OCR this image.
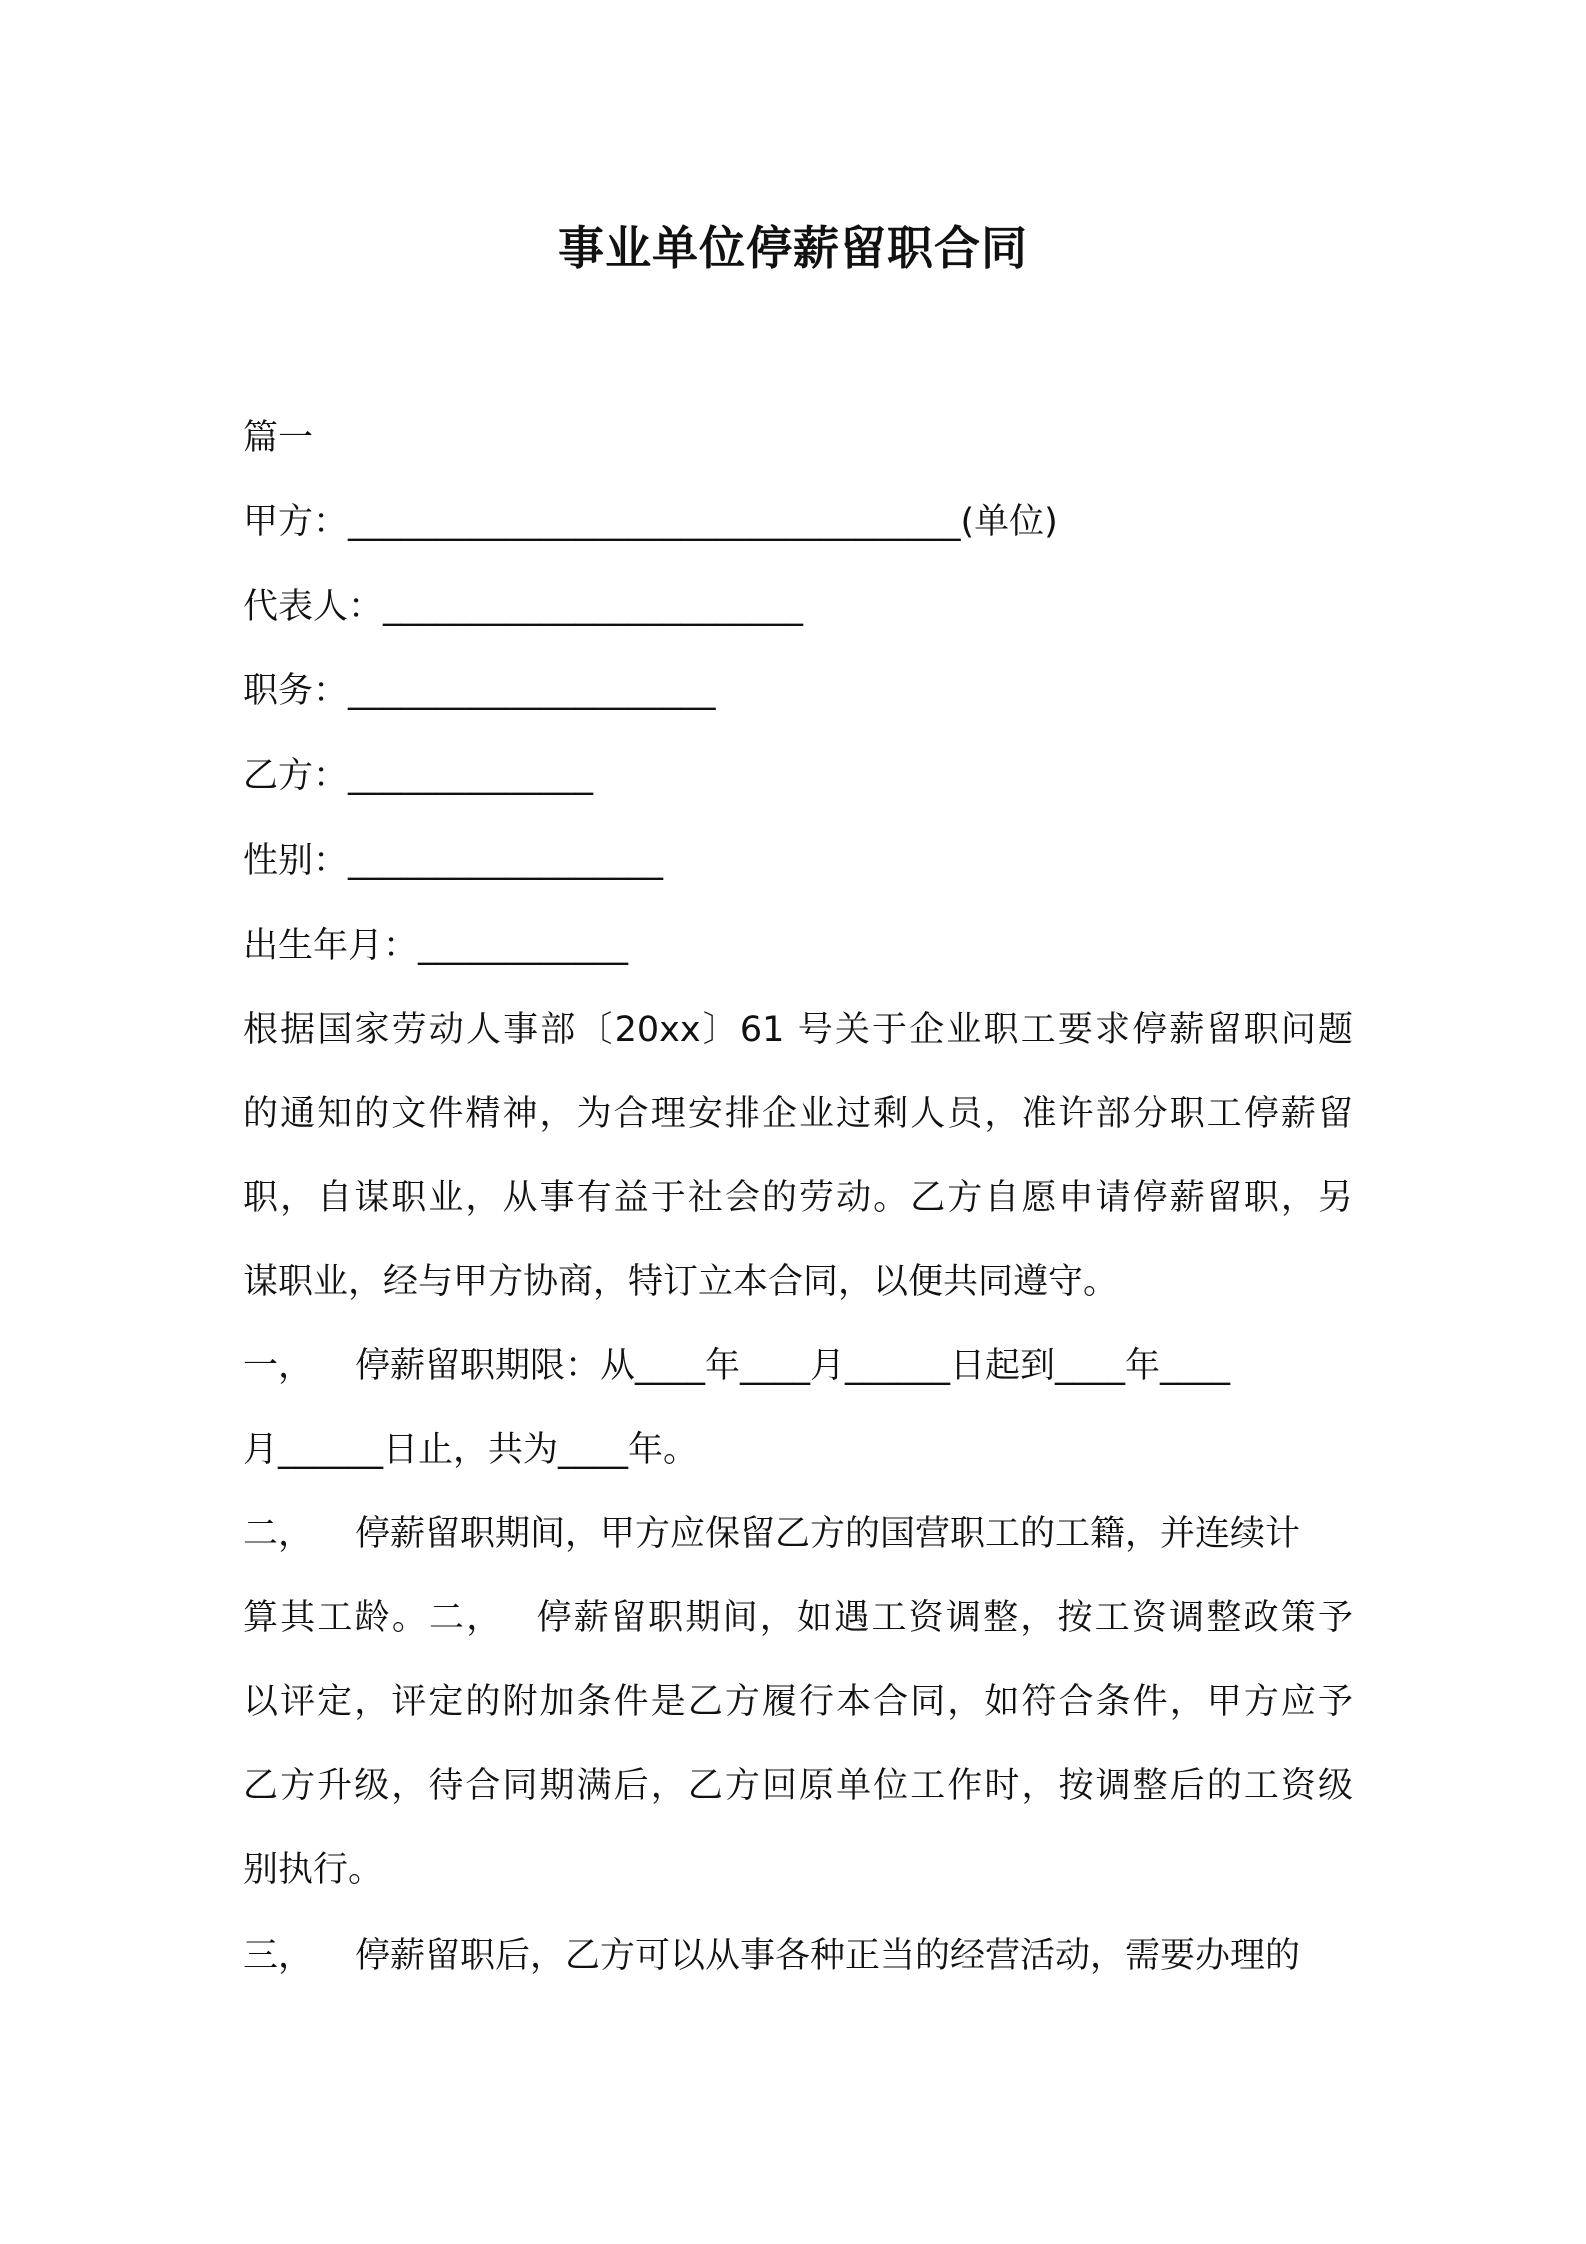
事业单位停薪留职合同
篇一
甲方：___________________________________(单位)
代表人：________________________
职务：_____________________
乙方：______________
性别：__________________
出生年月：____________
根据国家劳动人事部〔20xx〕61 号关于企业职工要求停薪留职问题
的通知的文件精神，为合理安排企业过剩人员，准许部分职工停薪留
职，自谋职业，从事有益于社会的劳动。乙方自愿申请停薪留职，另
谋职业，经与甲方协商，特订立本合同，以便共同遵守。
一， 停薪留职期限：从____年____月______日起到____年____
月______日止，共为____年。
二， 停薪留职期间，甲方应保留乙方的国营职工的工籍，并连续计
算其工龄。二，　 停薪留职期间，如遇工资调整，按工资调整政策予
以评定，评定的附加条件是乙方履行本合同，如符合条件，甲方应予
乙方升级，待合同期满后，乙方回原单位工作时，按调整后的工资级
别执行。
三， 停薪留职后，乙方可以从事各种正当的经营活动，需要办理的
